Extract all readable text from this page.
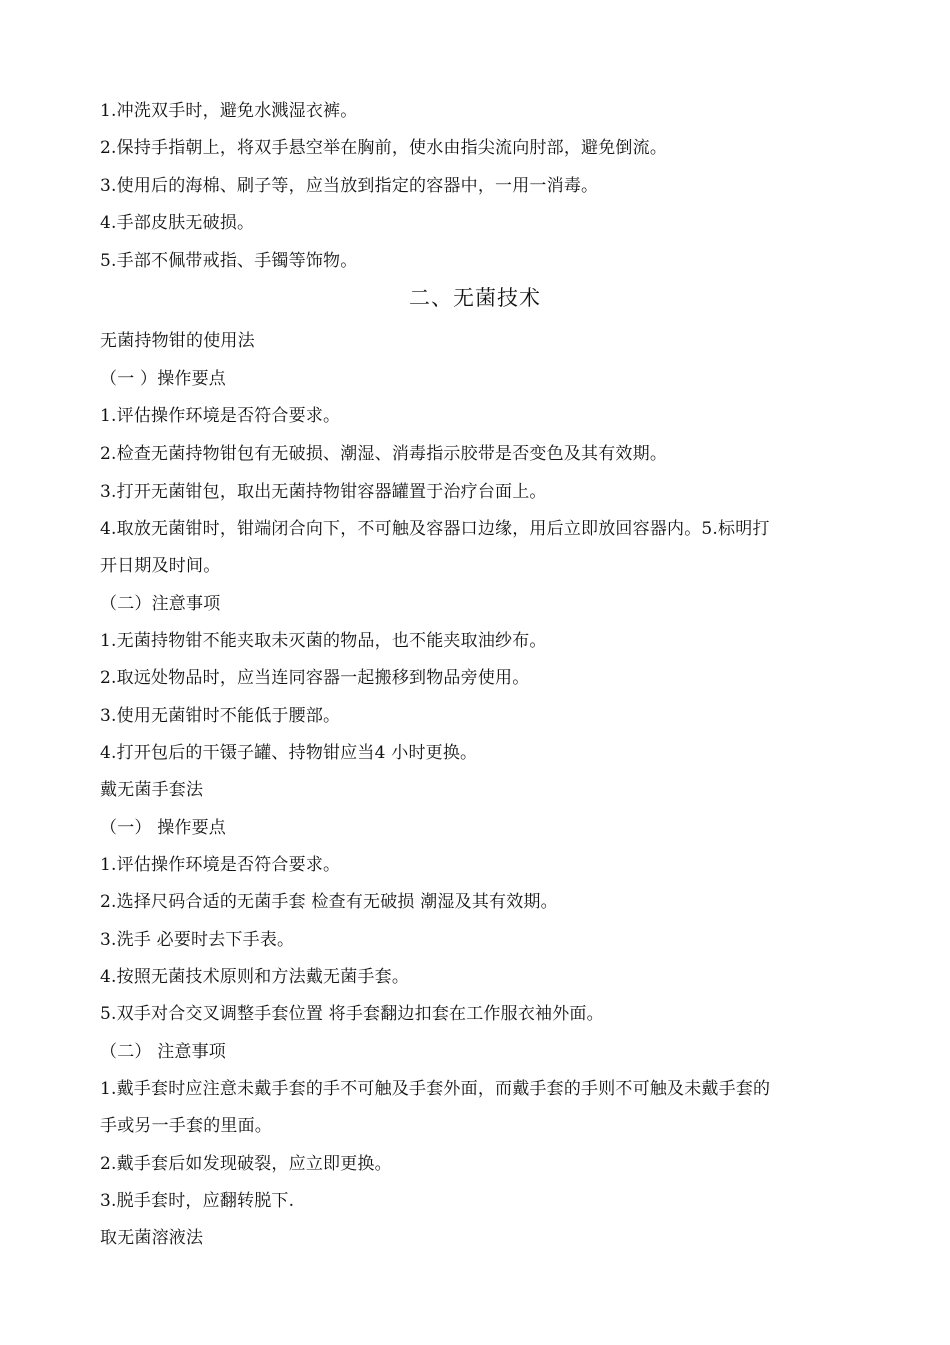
1.冲洗双手时，避免水溅湿衣裤。
2.保持手指朝上，将双手悬空举在胸前，使水由指尖流向肘部，避免倒流。
3.使用后的海棉、刷子等，应当放到指定的容器中，一用一消毒。
4.手部皮肤无破损。
5.手部不佩带戒指、手镯等饰物。
二、无菌技术
无菌持物钳的使用法
（一 ）操作要点
1.评估操作环境是否符合要求。
2.检查无菌持物钳包有无破损、潮湿、消毒指示胶带是否变色及其有效期。
3.打开无菌钳包，取出无菌持物钳容器罐置于治疗台面上。
4.取放无菌钳时，钳端闭合向下，不可触及容器口边缘，用后立即放回容器内。5.标明打
开日期及时间。
（二）注意事项
1.无菌持物钳不能夹取未灭菌的物品，也不能夹取油纱布。
2.取远处物品时，应当连同容器一起搬移到物品旁使用。
3.使用无菌钳时不能低于腰部。
4.打开包后的干镊子罐、持物钳应当4 小时更换。
戴无菌手套法
（一） 操作要点
1.评估操作环境是否符合要求。
2.选择尺码合适的无菌手套 检查有无破损 潮湿及其有效期。
3.洗手 必要时去下手表。
4.按照无菌技术原则和方法戴无菌手套。
5.双手对合交叉调整手套位置 将手套翻边扣套在工作服衣袖外面。
（二） 注意事项
1.戴手套时应注意未戴手套的手不可触及手套外面，而戴手套的手则不可触及未戴手套的
手或另一手套的里面。
2.戴手套后如发现破裂，应立即更换。
3.脱手套时，应翻转脱下.
取无菌溶液法
